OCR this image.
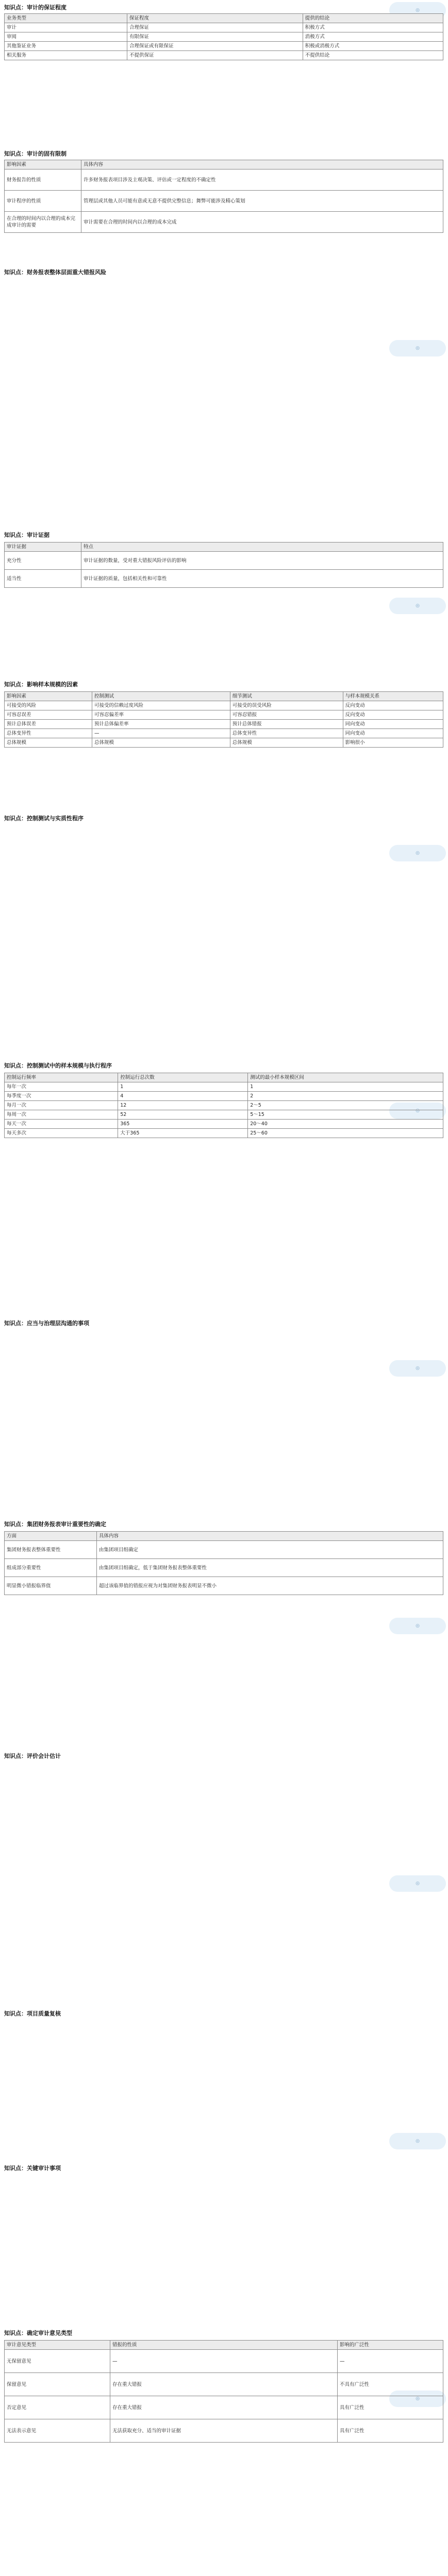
◎
◎
◎
◎
◎
◎
◎
◎
◎
◎
知识点：审计的保证程度
业务类型	保证程度	提供的结论
审计	合理保证	积极方式
审阅	有限保证	消极方式
其他鉴证业务	合理保证或有限保证	积极或消极方式
相关服务	不提供保证	不提供结论
知识点：审计的固有限制
影响因素	具体内容
财务报告的性质	许多财务报表项目涉及主观决策、评估或一定程度的不确定性
审计程序的性质	管理层或其他人员可能有意或无意不提供完整信息；舞弊可能涉及精心策划
在合理的时间内以合理的成本完成审计的需要	审计需要在合理的时间内以合理的成本完成
知识点：财务报表整体层面重大错报风险
知识点：审计证据
审计证据	特点
充分性	审计证据的数量，受对重大错报风险评估的影响
适当性	审计证据的质量，包括相关性和可靠性
知识点：影响样本规模的因素
影响因素	控制测试	细节测试	与样本规模关系
可接受的风险	可接受的信赖过度风险	可接受的误受风险	反向变动
可容忍误差	可容忍偏差率	可容忍错报	反向变动
预计总体误差	预计总体偏差率	预计总体错报	同向变动
总体变异性	—	总体变异性	同向变动
总体规模	总体规模	总体规模	影响很小
知识点：控制测试与实质性程序
知识点：控制测试中的样本规模与执行程序
控制运行频率	控制运行总次数	测试的最小样本规模区间
每年一次	1	1
每季度一次	4	2
每月一次	12	2～5
每周一次	52	5～15
每天一次	365	20～40
每天多次	大于365	25～60
知识点：应当与治理层沟通的事项
知识点：集团财务报表审计重要性的确定
方面	具体内容
集团财务报表整体重要性	由集团项目组确定
组成部分重要性	由集团项目组确定，低于集团财务报表整体重要性
明显微小错报临界值	超过该临界值的错报应视为对集团财务报表明显不微小
知识点：评价会计估计
知识点：项目质量复核
知识点：关键审计事项
知识点：确定审计意见类型
审计意见类型	错报的性质	影响的广泛性
无保留意见	—	—
保留意见	存在重大错报	不具有广泛性
否定意见	存在重大错报	具有广泛性
无法表示意见	无法获取充分、适当的审计证据	具有广泛性
